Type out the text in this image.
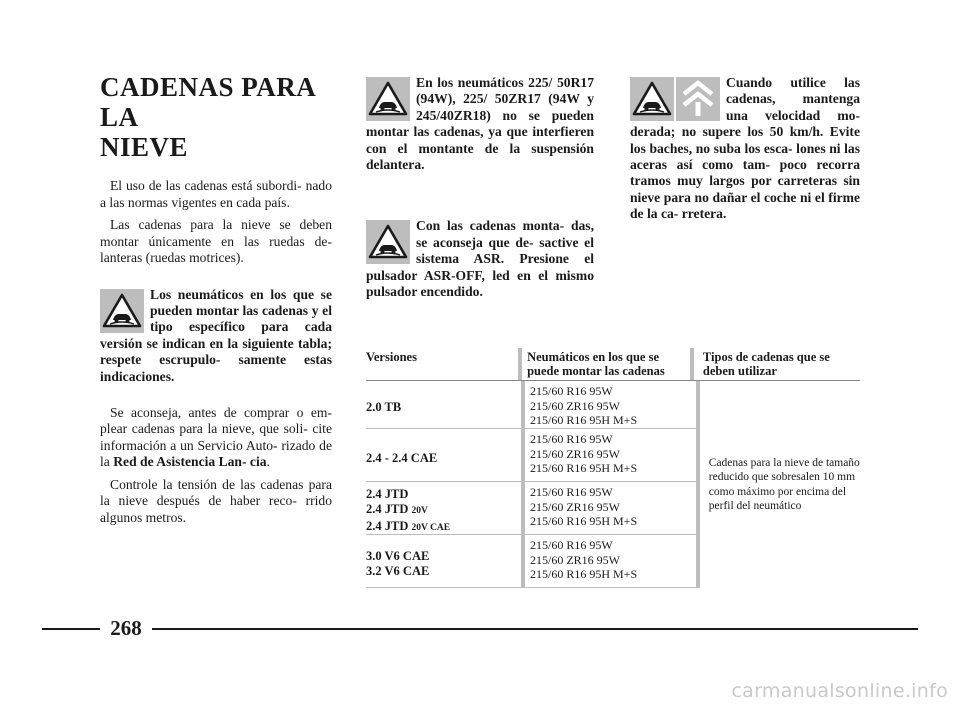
CADENAS PARA LA
NIEVE

El uso de las cadenas está subordi- nado a las normas vigentes en cada país.

Las cadenas para la nieve se deben montar únicamente en las ruedas de- lanteras (ruedas motrices).

Los neumáticos en los que se pueden montar las cadenas y el tipo específico para cada versión se indican en la siguiente tabla; respete escrupulo- samente estas indicaciones.

Se aconseja, antes de comprar o em- plear cadenas para la nieve, que soli- cite información a un Servicio Auto- rizado de la Red de Asistencia Lan- cia.

Controle la tensión de las cadenas para la nieve después de haber reco- rrido algunos metros.

En los neumáticos 225/ 50R17 (94W), 225/ 50ZR17 (94W y 245/40ZR18) no se pueden montar las cadenas, ya que interfieren con el montante de la suspensión delantera.
Con las cadenas monta- das, se aconseja que de- sactive el sistema ASR. Presione el pulsador ASR-OFF, led en el mismo pulsador encendido.
Cuando utilice las cadenas, mantenga una velocidad mo- derada; no supere los 50 km/h. Evite los baches, no suba los esca- lones ni las aceras así como tam- poco recorra tramos muy largos por carreteras sin nieve para no dañar el coche ni el firme de la ca- rretera.
Versiones	Neumáticos en los que se puede montar las cadenas
Tipos de cadenas que se deben utilizar
2.0 TB
215/60 R16 95W
215/60 ZR16 95W
215/60 R16 95H M+S
2.4 - 2.4 CAE
215/60 R16 95W
215/60 ZR16 95W
215/60 R16 95H M+S
2.4 JTD
2.4 JTD 20V
2.4 JTD 20V CAE
215/60 R16 95W
215/60 ZR16 95W
215/60 R16 95H M+S
3.0 V6 CAE
3.2 V6 CAE
215/60 R16 95W
215/60 ZR16 95W
215/60 R16 95H M+S
Cadenas para la nieve de tamaño reducido que sobresalen 10 mm como máximo por encima del perfil del neumático
268
carmanualsonline.info
